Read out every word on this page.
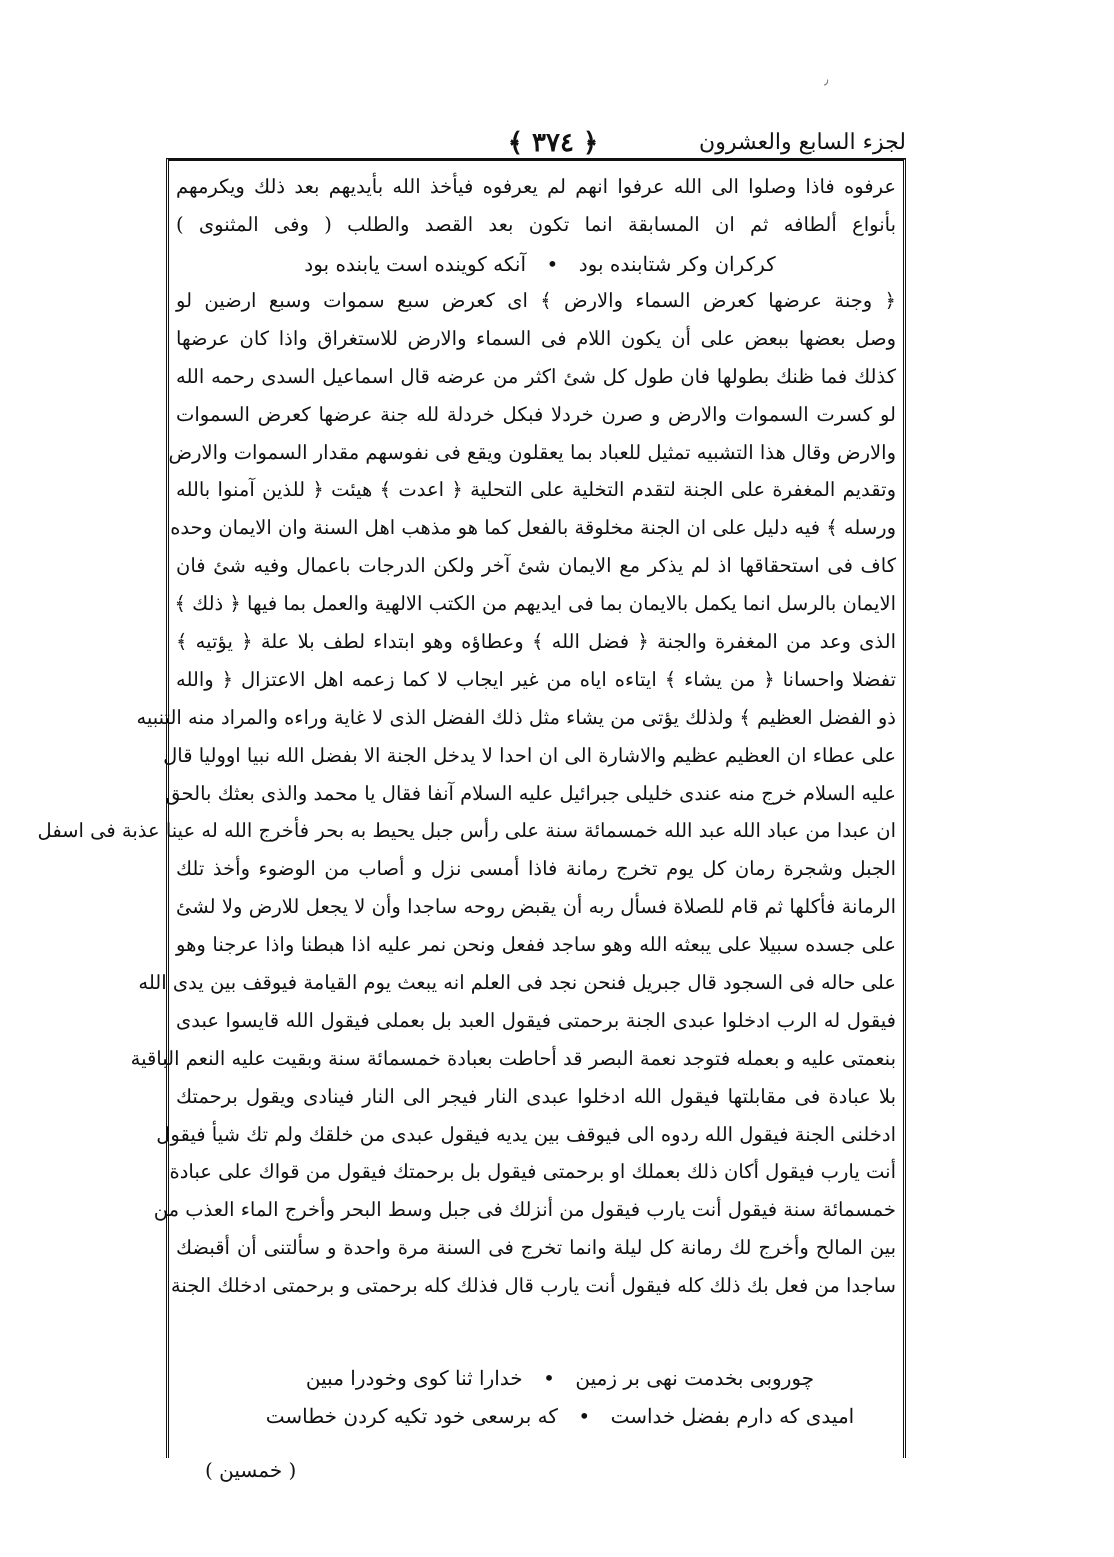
٫
لجزء السابع والعشرون
﴿ ٣٧٤ ﴾
عرفوه فاذا وصلوا الى الله عرفوا انهم لم يعرفوه فيأخذ الله بأيديهم بعد ذلك ويكرمهم
بأنواع ألطافه ثم ان المسابقة انما تكون بعد القصد والطلب ( وفى المثنوى )
كركران وكر شتابنده بود • آنكه كوينده است يابنده بود
﴿ وجنة عرضها كعرض السماء والارض ﴾ اى كعرض سبع سموات وسبع ارضين لو
وصل بعضها ببعض على أن يكون اللام فى السماء والارض للاستغراق واذا كان عرضها
كذلك فما ظنك بطولها فان طول كل شئ اكثر من عرضه قال اسماعيل السدى رحمه الله
لو كسرت السموات والارض و صرن خردلا فبكل خردلة لله جنة عرضها كعرض السموات
والارض وقال هذا التشبيه تمثيل للعباد بما يعقلون ويقع فى نفوسهم مقدار السموات والارض
وتقديم المغفرة على الجنة لتقدم التخلية على التحلية ﴿ اعدت ﴾ هيئت ﴿ للذين آمنوا بالله
ورسله ﴾ فيه دليل على ان الجنة مخلوقة بالفعل كما هو مذهب اهل السنة وان الايمان وحده
كاف فى استحقاقها اذ لم يذكر مع الايمان شئ آخر ولكن الدرجات باعمال وفيه شئ فان
الايمان بالرسل انما يكمل بالايمان بما فى ايديهم من الكتب الالهية والعمل بما فيها ﴿ ذلك ﴾
الذى وعد من المغفرة والجنة ﴿ فضل الله ﴾ وعطاؤه وهو ابتداء لطف بلا علة ﴿ يؤتيه ﴾
تفضلا واحسانا ﴿ من يشاء ﴾ ايتاءه اياه من غير ايجاب لا كما زعمه اهل الاعتزال ﴿ والله
ذو الفضل العظيم ﴾ ولذلك يؤتى من يشاء مثل ذلك الفضل الذى لا غاية وراءه والمراد منه التنبيه
على عطاء ان العظيم عظيم والاشارة الى ان احدا لا يدخل الجنة الا بفضل الله نبيا اووليا قال
عليه السلام خرج منه عندى خليلى جبرائيل عليه السلام آنفا فقال يا محمد والذى بعثك بالحق
ان عبدا من عباد الله عبد الله خمسمائة سنة على رأس جبل يحيط به بحر فأخرج الله له عينا عذبة فى اسفل
الجبل وشجرة رمان كل يوم تخرج رمانة فاذا أمسى نزل و أصاب من الوضوء وأخذ تلك
الرمانة فأكلها ثم قام للصلاة فسأل ربه أن يقبض روحه ساجدا وأن لا يجعل للارض ولا لشئ
على جسده سبيلا على يبعثه الله وهو ساجد ففعل ونحن نمر عليه اذا هبطنا واذا عرجنا وهو
على حاله فى السجود قال جبريل فنحن نجد فى العلم انه يبعث يوم القيامة فيوقف بين يدى الله
فيقول له الرب ادخلوا عبدى الجنة برحمتى فيقول العبد بل بعملى فيقول الله قايسوا عبدى
بنعمتى عليه و بعمله فتوجد نعمة البصر قد أحاطت بعبادة خمسمائة سنة وبقيت عليه النعم الباقية
بلا عبادة فى مقابلتها فيقول الله ادخلوا عبدى النار فيجر الى النار فينادى ويقول برحمتك
ادخلنى الجنة فيقول الله ردوه الى فيوقف بين يديه فيقول عبدى من خلقك ولم تك شيأ فيقول
أنت يارب فيقول أكان ذلك بعملك او برحمتى فيقول بل برحمتك فيقول من قواك على عبادة
خمسمائة سنة فيقول أنت يارب فيقول من أنزلك فى جبل وسط البحر وأخرج الماء العذب من
بين المالح وأخرج لك رمانة كل ليلة وانما تخرج فى السنة مرة واحدة و سألتنى أن أقبضك
ساجدا من فعل بك ذلك كله فيقول أنت يارب قال فذلك كله برحمتى و برحمتى ادخلك الجنة
چوروبى بخدمت نهى بر زمين • خدارا ثنا كوى وخودرا مبين
اميدى كه دارم بفضل خداست • كه برسعى خود تكيه كردن خطاست
( خمسين )
